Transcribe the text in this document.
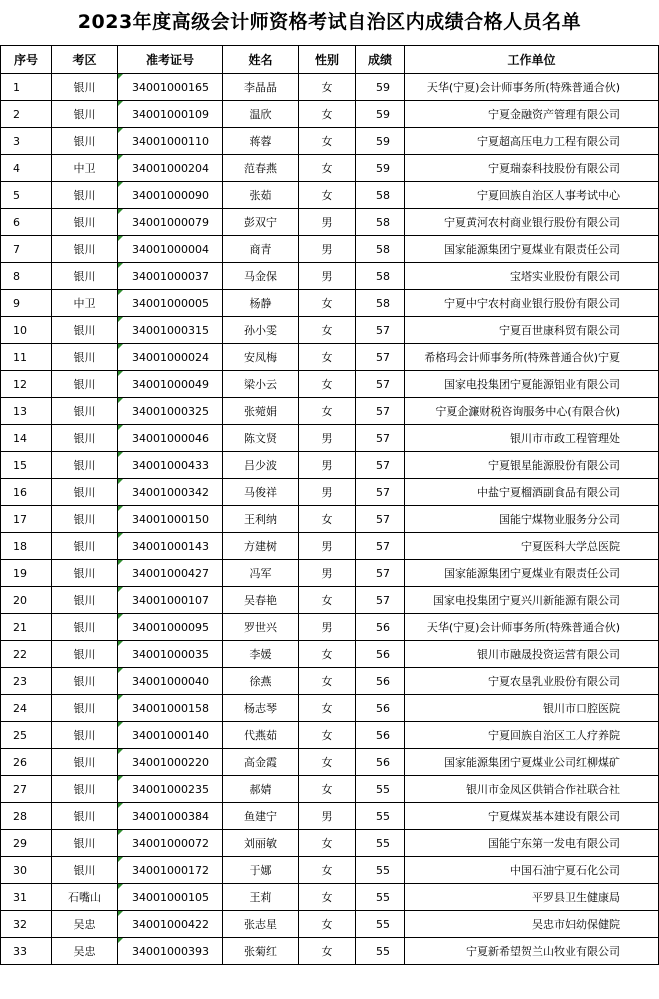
2023年度高级会计师资格考试自治区内成绩合格人员名单
序号	考区	准考证号	姓名	性别	成绩	工作单位
1	银川	34001000165	李晶晶	女	59	天华(宁夏)会计师事务所(特殊普通合伙)
2	银川	34001000109	温欣	女	59	宁夏金融资产管理有限公司
3	银川	34001000110	蒋蓉	女	59	宁夏超高压电力工程有限公司
4	中卫	34001000204	范春燕	女	59	宁夏瑞泰科技股份有限公司
5	银川	34001000090	张茹	女	58	宁夏回族自治区人事考试中心
6	银川	34001000079	彭双宁	男	58	宁夏黄河农村商业银行股份有限公司
7	银川	34001000004	商青	男	58	国家能源集团宁夏煤业有限责任公司
8	银川	34001000037	马金保	男	58	宝塔实业股份有限公司
9	中卫	34001000005	杨静	女	58	宁夏中宁农村商业银行股份有限公司
10	银川	34001000315	孙小雯	女	57	宁夏百世康科贸有限公司
11	银川	34001000024	安凤梅	女	57	希格玛会计师事务所(特殊普通合伙)宁夏
12	银川	34001000049	梁小云	女	57	国家电投集团宁夏能源铝业有限公司
13	银川	34001000325	张菀娟	女	57	宁夏企濂财税咨询服务中心(有限合伙)
14	银川	34001000046	陈文贤	男	57	银川市市政工程管理处
15	银川	34001000433	吕少波	男	57	宁夏银星能源股份有限公司
16	银川	34001000342	马俊祥	男	57	中盐宁夏榴酒副食品有限公司
17	银川	34001000150	王利纳	女	57	国能宁煤物业服务分公司
18	银川	34001000143	方建树	男	57	宁夏医科大学总医院
19	银川	34001000427	冯军	男	57	国家能源集团宁夏煤业有限责任公司
20	银川	34001000107	吴春艳	女	57	国家电投集团宁夏兴川新能源有限公司
21	银川	34001000095	罗世兴	男	56	天华(宁夏)会计师事务所(特殊普通合伙)
22	银川	34001000035	李媛	女	56	银川市融晟投资运营有限公司
23	银川	34001000040	徐燕	女	56	宁夏农垦乳业股份有限公司
24	银川	34001000158	杨志琴	女	56	银川市口腔医院
25	银川	34001000140	代燕茹	女	56	宁夏回族自治区工人疗养院
26	银川	34001000220	高金霞	女	56	国家能源集团宁夏煤业公司红柳煤矿
27	银川	34001000235	郝婧	女	55	银川市金凤区供销合作社联合社
28	银川	34001000384	鱼建宁	男	55	宁夏煤炭基本建设有限公司
29	银川	34001000072	刘丽敏	女	55	国能宁东第一发电有限公司
30	银川	34001000172	于娜	女	55	中国石油宁夏石化公司
31	石嘴山	34001000105	王莉	女	55	平罗县卫生健康局
32	吴忠	34001000422	张志星	女	55	吴忠市妇幼保健院
33	吴忠	34001000393	张菊红	女	55	宁夏新希望贺兰山牧业有限公司
